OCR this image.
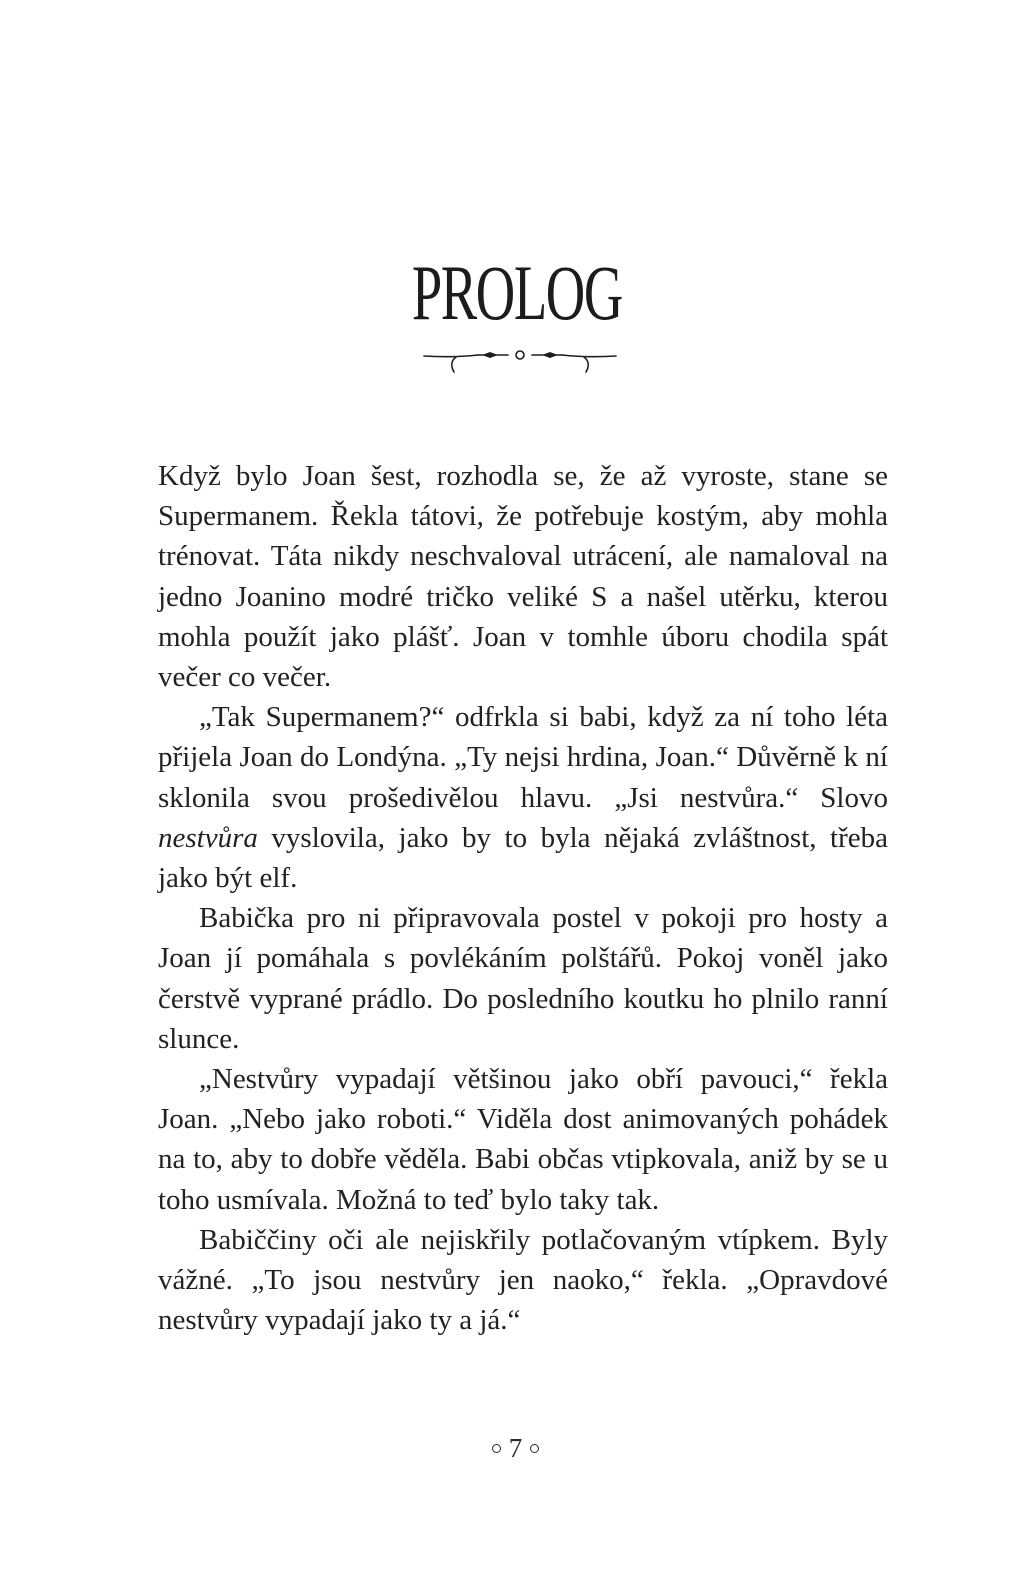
PROLOG

Když bylo Joan šest, rozhodla se, že až vyroste, stane se Supermanem. Řekla tátovi, že potřebuje kostým, aby mohla trénovat. Táta nikdy neschvaloval utrácení, ale namaloval na jedno Joanino modré tričko veliké S a našel utěrku, kterou mohla použít jako plášť. Joan v tomhle úboru chodila spát večer co večer.

„Tak Supermanem?“ odfrkla si babi, když za ní toho léta přijela Joan do Londýna. „Ty nejsi hrdina, Joan.“ Důvěrně k ní sklonila svou prošedivělou hlavu. „Jsi nestvůra.“ Slovo nestvůra vyslovila, jako by to byla nějaká zvláštnost, třeba jako být elf.

Babička pro ni připravovala postel v pokoji pro hosty a Joan jí pomáhala s povlékáním polštářů. Pokoj voněl jako čerstvě vyprané prádlo. Do posledního koutku ho plnilo ranní slunce.

„Nestvůry vypadají většinou jako obří pavouci,“ řekla Joan. „Nebo jako roboti.“ Viděla dost animovaných pohádek na to, aby to dobře věděla. Babi občas vtipkovala, aniž by se u toho usmívala. Možná to teď bylo taky tak.

Babiččiny oči ale nejiskřily potlačovaným vtípkem. Byly vážné. „To jsou nestvůry jen naoko,“ řekla. „Opravdové nestvůry vypadají jako ty a já.“

7
